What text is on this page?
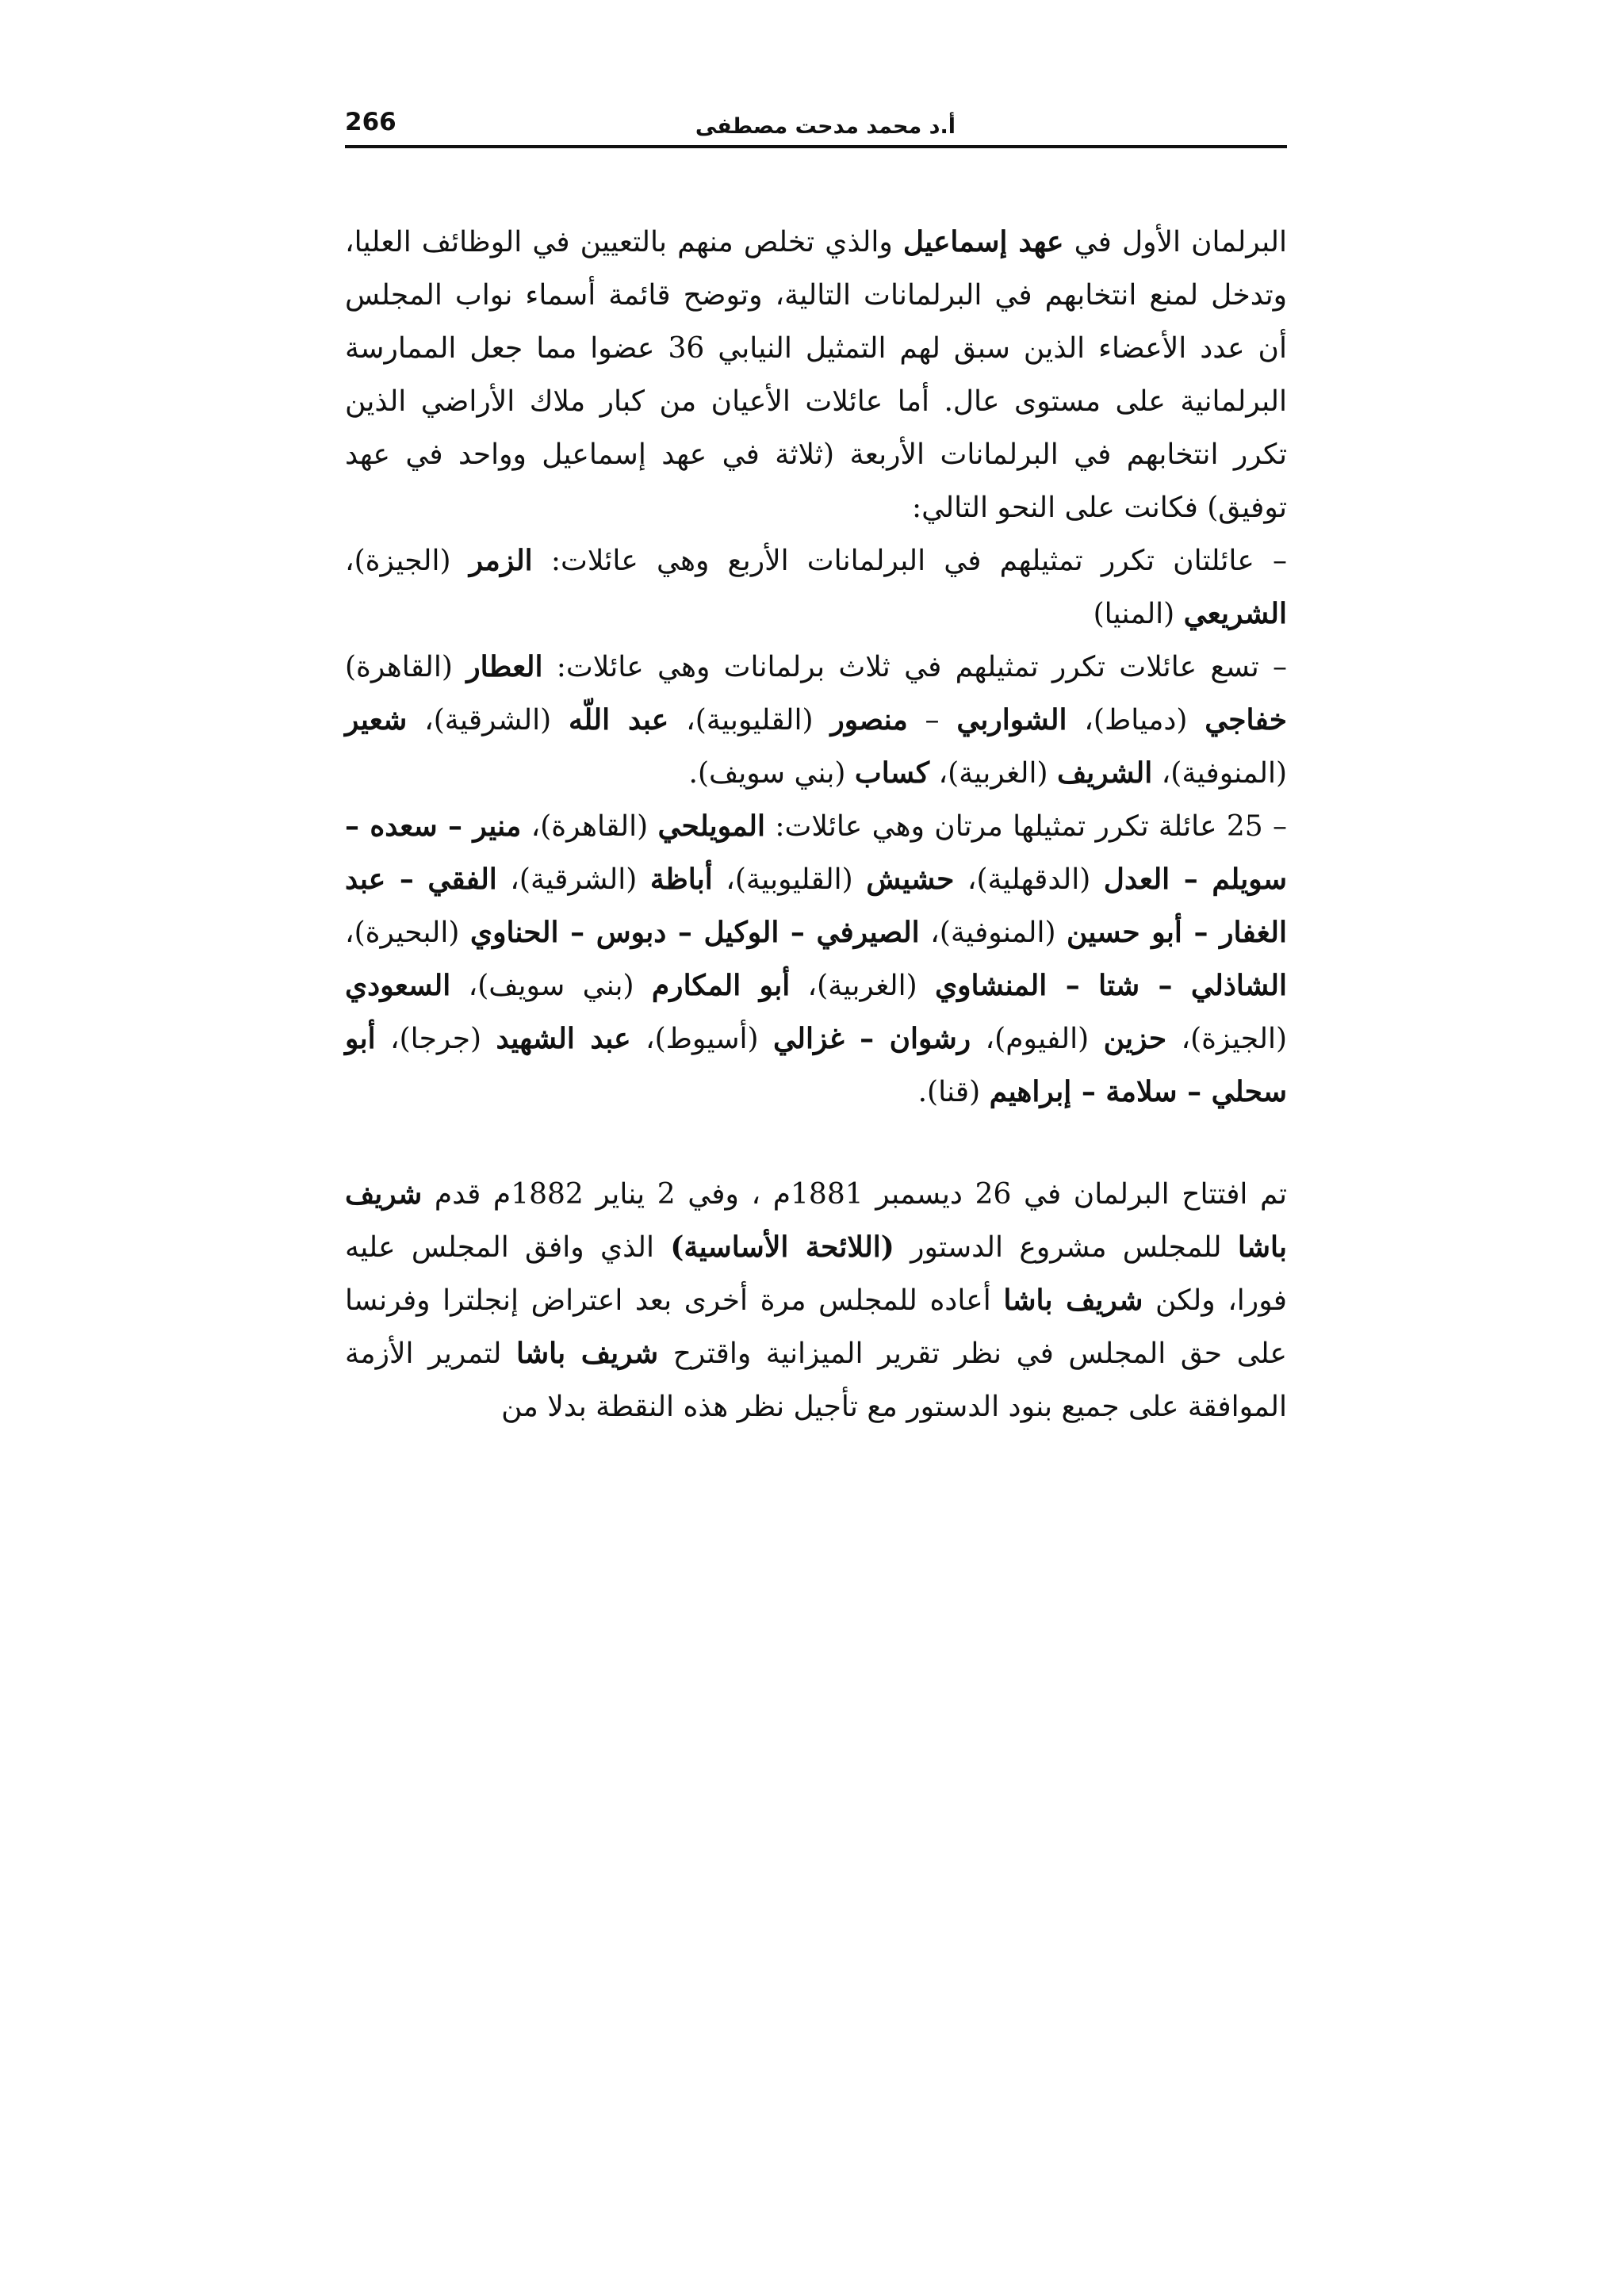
أ.د محمد مدحت مصطفى
266

البرلمان الأول في عهد إسماعيل والذي تخلص منهم بالتعيين في الوظائف العليا، وتدخل لمنع انتخابهم في البرلمانات التالية، وتوضح قائمة أسماء نواب المجلس أن عدد الأعضاء الذين سبق لهم التمثيل النيابي 36 عضوا مما جعل الممارسة البرلمانية على مستوى عال. أما عائلات الأعيان من كبار ملاك الأراضي الذين تكرر انتخابهم في البرلمانات الأربعة (ثلاثة في عهد إسماعيل وواحد في عهد توفيق) فكانت على النحو التالي:

– عائلتان تكرر تمثيلهم في البرلمانات الأربع وهي عائلات: الزمر (الجيزة)، الشريعي (المنيا)

– تسع عائلات تكرر تمثيلهم في ثلاث برلمانات وهي عائلات: العطار (القاهرة) خفاجي (دمياط)، الشواربي – منصور (القليوبية)، عبد اللّه (الشرقية)، شعير (المنوفية)، الشريف (الغربية)، كساب (بني سويف).

– 25 عائلة تكرر تمثيلها مرتان وهي عائلات: المويلحي (القاهرة)، منير – سعده – سويلم – العدل (الدقهلية)، حشيش (القليوبية)، أباظة (الشرقية)، الفقي – عبد الغفار – أبو حسين (المنوفية)، الصيرفي – الوكيل – دبوس – الحناوي (البحيرة)، الشاذلي – شتا – المنشاوي (الغربية)، أبو المكارم (بني سويف)، السعودي (الجيزة)، حزين (الفيوم)، رشوان – غزالي (أسيوط)، عبد الشهيد (جرجا)، أبو سحلي – سلامة – إبراهيم (قنا).

تم افتتاح البرلمان في 26 ديسمبر 1881م ، وفي 2 يناير 1882م قدم شريف باشا للمجلس مشروع الدستور (اللائحة الأساسية) الذي وافق المجلس عليه فورا، ولكن شريف باشا أعاده للمجلس مرة أخرى بعد اعتراض إنجلترا وفرنسا على حق المجلس في نظر تقرير الميزانية واقترح شريف باشا لتمرير الأزمة الموافقة على جميع بنود الدستور مع تأجيل نظر هذه النقطة بدلا من
